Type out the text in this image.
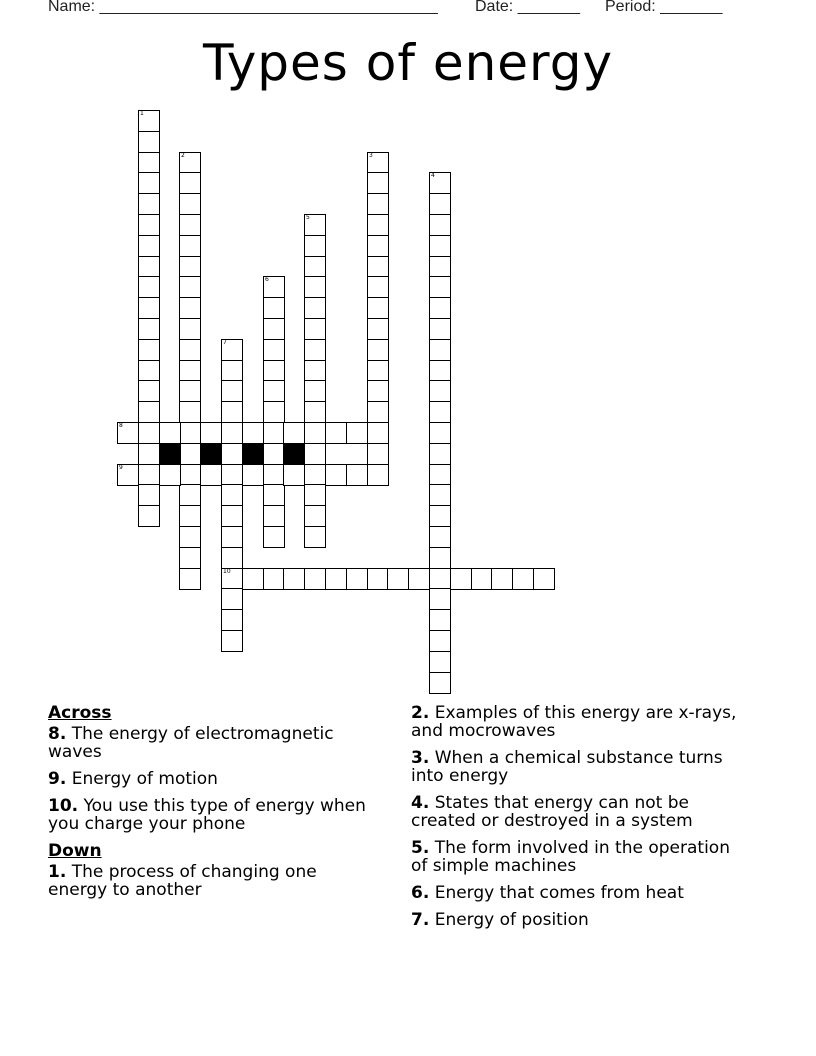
Name: ______________________________________ Date: _______ Period: _______
Types of energy
1
2	3
4
5
6
7
10
8
9
Across
8. The energy of electromagnetic waves
9. Energy of motion
10. You use this type of energy when you charge your phone
Down
1. The process of changing one energy to another
2. Examples of this energy are x-rays, and mocrowaves
3. When a chemical substance turns into energy
4. States that energy can not be created or destroyed in a system
5. The form involved in the operation of simple machines
6. Energy that comes from heat
7. Energy of position
